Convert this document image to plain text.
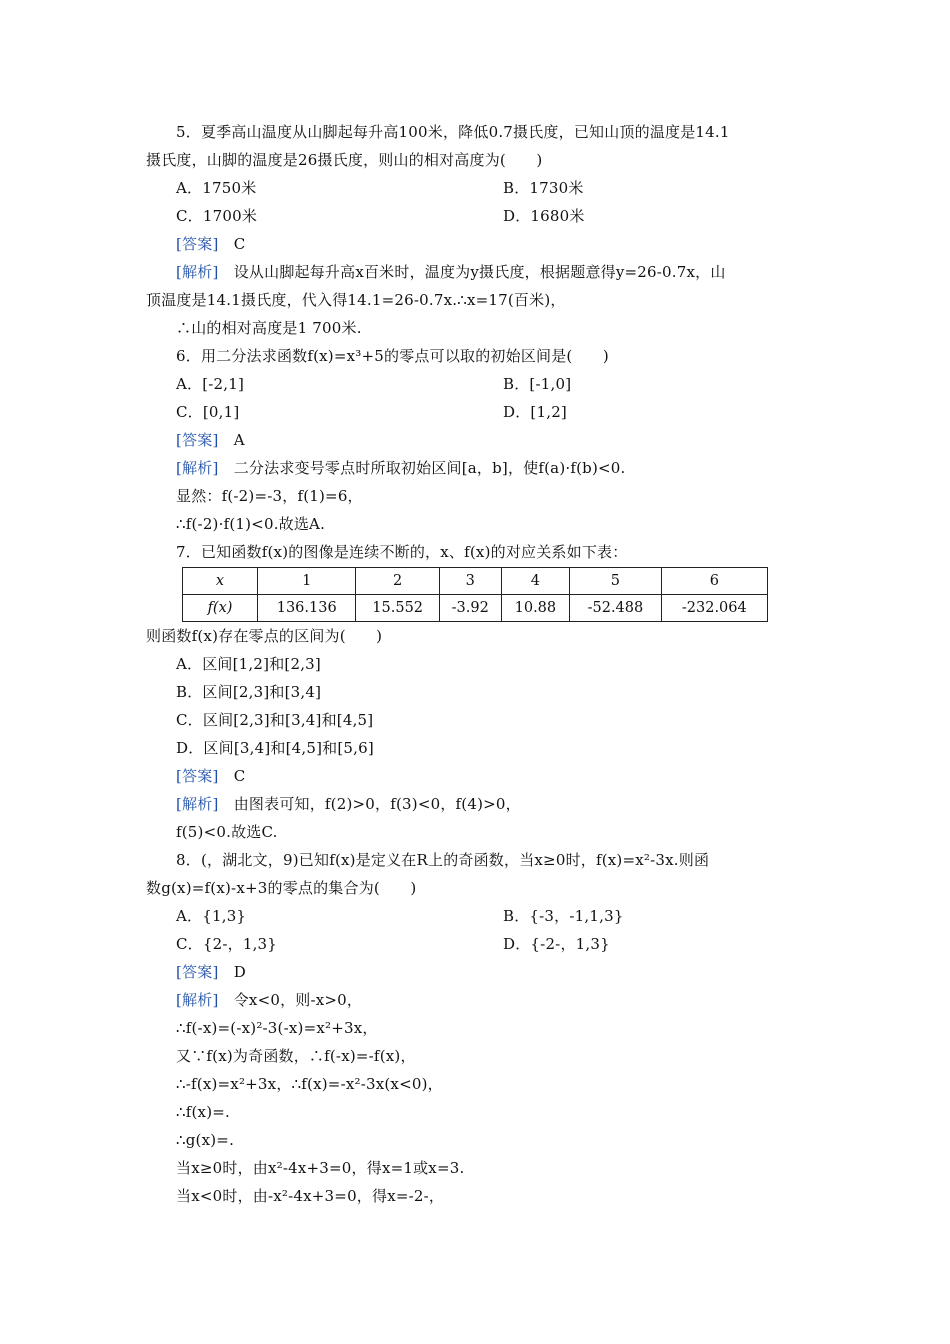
5．夏季高山温度从山脚起每升高100米，降低0.7摄氏度，已知山顶的温度是14.1
摄氏度，山脚的温度是26摄氏度，则山的相对高度为(　　)
A．1750米	B．1730米
C．1700米	D．1680米
[答案]　C
[解析]　设从山脚起每升高x百米时，温度为y摄氏度，根据题意得y=26-0.7x，山
顶温度是14.1摄氏度，代入得14.1=26-0.7x.∴x=17(百米)，
∴山的相对高度是1 700米.
6．用二分法求函数f(x)=x³+5的零点可以取的初始区间是(　　)
A．[-2,1]	B．[-1,0]
C．[0,1]	D．[1,2]
[答案]　A
[解析]　二分法求变号零点时所取初始区间[a，b]，使f(a)·f(b)<0.
显然：f(-2)=-3，f(1)=6，
∴f(-2)·f(1)<0.故选A.
7．已知函数f(x)的图像是连续不断的，x、f(x)的对应关系如下表：
x	1	2	3	4	5	6
f(x)	136.136	15.552	-3.92	10.88	-52.488	-232.064
则函数f(x)存在零点的区间为(　　)
A．区间[1,2]和[2,3]
B．区间[2,3]和[3,4]
C．区间[2,3]和[3,4]和[4,5]
D．区间[3,4]和[4,5]和[5,6]
[答案]　C
[解析]　由图表可知，f(2)>0，f(3)<0，f(4)>0，
f(5)<0.故选C.
8．(，湖北文，9)已知f(x)是定义在R上的奇函数，当x≥0时，f(x)=x²-3x.则函
数g(x)=f(x)-x+3的零点的集合为(　　)
A．{1,3}	B．{-3，-1,1,3}
C．{2-，1,3}	D．{-2-，1,3}
[答案]　D
[解析]　令x<0，则-x>0，
∴f(-x)=(-x)²-3(-x)=x²+3x，
又∵f(x)为奇函数，∴f(-x)=-f(x)，
∴-f(x)=x²+3x，∴f(x)=-x²-3x(x<0)，
∴f(x)=.
∴g(x)=.
当x≥0时，由x²-4x+3=0，得x=1或x=3.
当x<0时，由-x²-4x+3=0，得x=-2-，
